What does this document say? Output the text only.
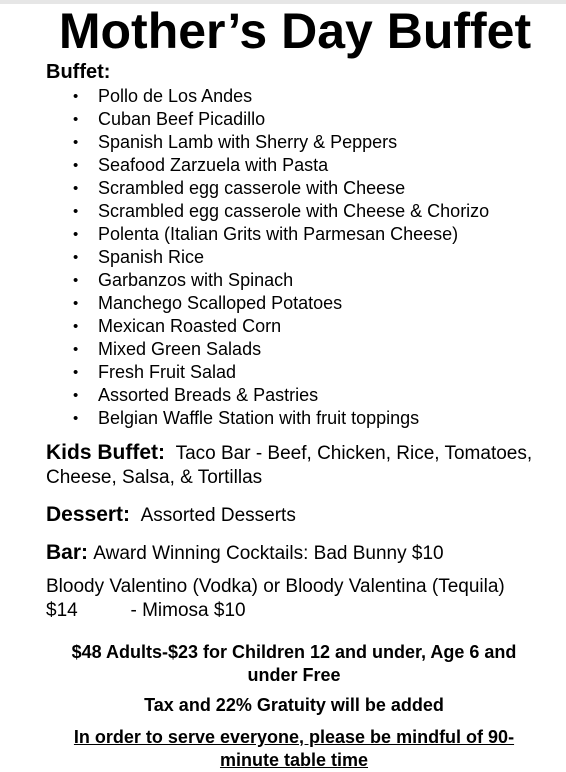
Mother’s Day Buffet
Buffet:
• Pollo de Los Andes
• Cuban Beef Picadillo
• Spanish Lamb with Sherry & Peppers
• Seafood Zarzuela with Pasta
• Scrambled egg casserole with Cheese
• Scrambled egg casserole with Cheese & Chorizo
• Polenta (Italian Grits with Parmesan Cheese)
• Spanish Rice
• Garbanzos with Spinach
• Manchego Scalloped Potatoes
• Mexican Roasted Corn
• Mixed Green Salads
• Fresh Fruit Salad
• Assorted Breads & Pastries
• Belgian Waffle Station with fruit toppings
Kids Buffet: Taco Bar - Beef, Chicken, Rice, Tomatoes, Cheese, Salsa, & Tortillas
Dessert: Assorted Desserts
Bar: Award Winning Cocktails: Bad Bunny $10
Bloody Valentino (Vodka) or Bloody Valentina (Tequila)
$14          - Mimosa $10
$48 Adults-$23 for Children 12 and under, Age 6 and under Free
Tax and 22% Gratuity will be added
In order to serve everyone, please be mindful of 90-minute table time
